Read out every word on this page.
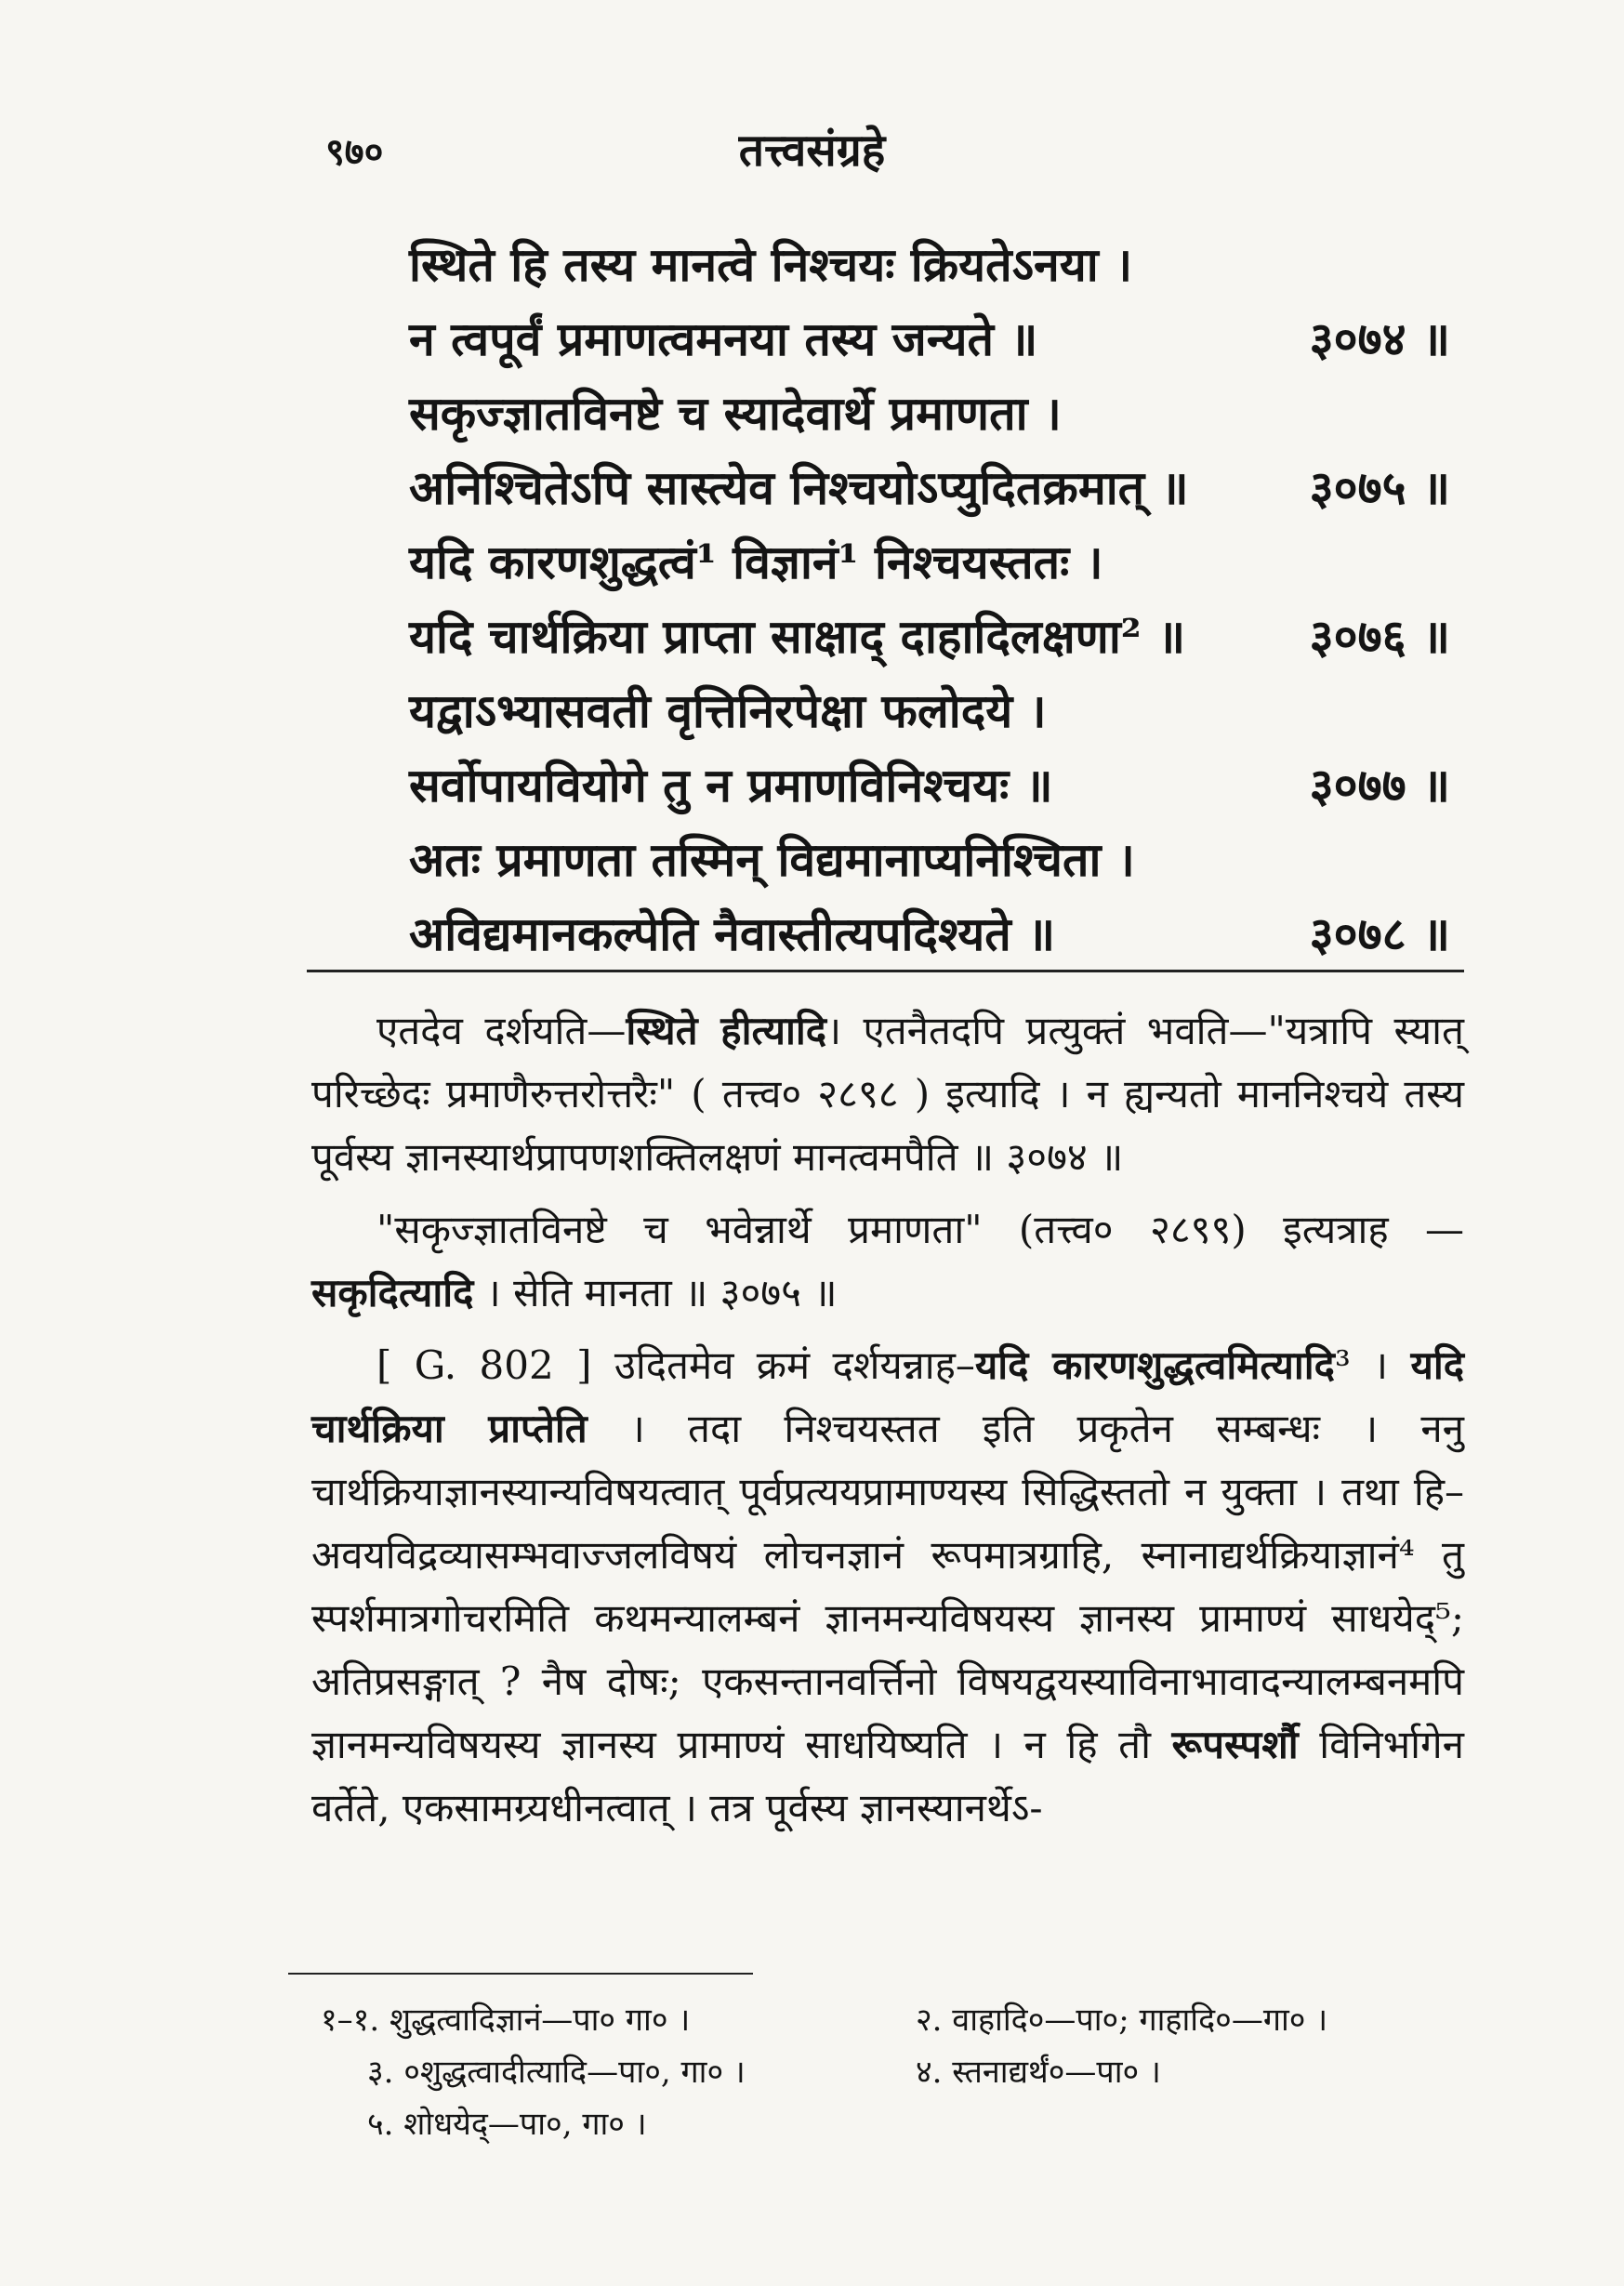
९७०	तत्त्वसंग्रहे
स्थिते हि तस्य मानत्वे निश्चयः क्रियतेऽनया ।
न त्वपूर्वं प्रमाणत्वमनया तस्य जन्यते ॥	३०७४ ॥
सकृज्ज्ञातविनष्टे च स्यादेवार्थे प्रमाणता ।
अनिश्चितेऽपि सास्त्येव निश्चयोऽप्युदितक्रमात् ॥	३०७५ ॥
यदि कारणशुद्धत्वं¹ विज्ञानं¹ निश्चयस्ततः ।
यदि चार्थक्रिया प्राप्ता साक्षाद् दाहादिलक्षणा² ॥	३०७६ ॥
यद्वाऽभ्यासवती वृत्तिनिरपेक्षा फलोदये ।
सर्वोपायवियोगे तु न प्रमाणविनिश्चयः ॥	३०७७ ॥
अतः प्रमाणता तस्मिन् विद्यमानाप्यनिश्चिता ।
अविद्यमानकल्पेति नैवास्तीत्यपदिश्यते ॥	३०७८ ॥

एतदेव दर्शयति—स्थिते हीत्यादि। एतनैतदपि प्रत्युक्तं भवति—"यत्रापि स्यात् परिच्छेदः प्रमाणैरुत्तरोत्तरैः" ( तत्त्व० २८९८ ) इत्यादि । न ह्यन्यतो माननिश्चये तस्य पूर्वस्य ज्ञानस्यार्थप्रापणशक्तिलक्षणं मानत्वमपैति ॥ ३०७४ ॥

"सकृज्ज्ञातविनष्टे च भवेन्नार्थे प्रमाणता" (तत्त्व० २८९९) इत्यत्राह — सकृदित्यादि । सेति मानता ॥ ३०७५ ॥

[ G. 802 ] उदितमेव क्रमं दर्शयन्नाह–यदि कारणशुद्धत्वमित्यादि³ । यदि चार्थक्रिया प्राप्तेति । तदा निश्चयस्तत इति प्रकृतेन सम्बन्धः । ननु चार्थक्रियाज्ञानस्यान्यविषयत्वात् पूर्वप्रत्ययप्रामाण्यस्य सिद्धिस्ततो न युक्ता । तथा हि–अवयविद्रव्यासम्भवाज्जलविषयं लोचनज्ञानं रूपमात्रग्राहि, स्नानाद्यर्थक्रियाज्ञानं⁴ तु स्पर्शमात्रगोचरमिति कथमन्यालम्बनं ज्ञानमन्यविषयस्य ज्ञानस्य प्रामाण्यं साधयेद्⁵; अतिप्रसङ्गात् ? नैष दोषः; एकसन्तानवर्त्तिनो विषयद्वयस्याविनाभावादन्यालम्बनमपि ज्ञानमन्यविषयस्य ज्ञानस्य प्रामाण्यं साधयिष्यति । न हि तौ रूपस्पर्शौ विनिर्भागेन वर्तेते, एकसामग्र्यधीनत्वात् । तत्र पूर्वस्य ज्ञानस्यानर्थेऽ-

१–१. शुद्धत्वादिज्ञानं—पा० गा० ।	२. वाहादि०—पा०; गाहादि०—गा० ।
३. ०शुद्धत्वादीत्यादि—पा०, गा० ।	४. स्तनाद्यर्थं०—पा० ।
५. शोधयेद्—पा०, गा० ।
